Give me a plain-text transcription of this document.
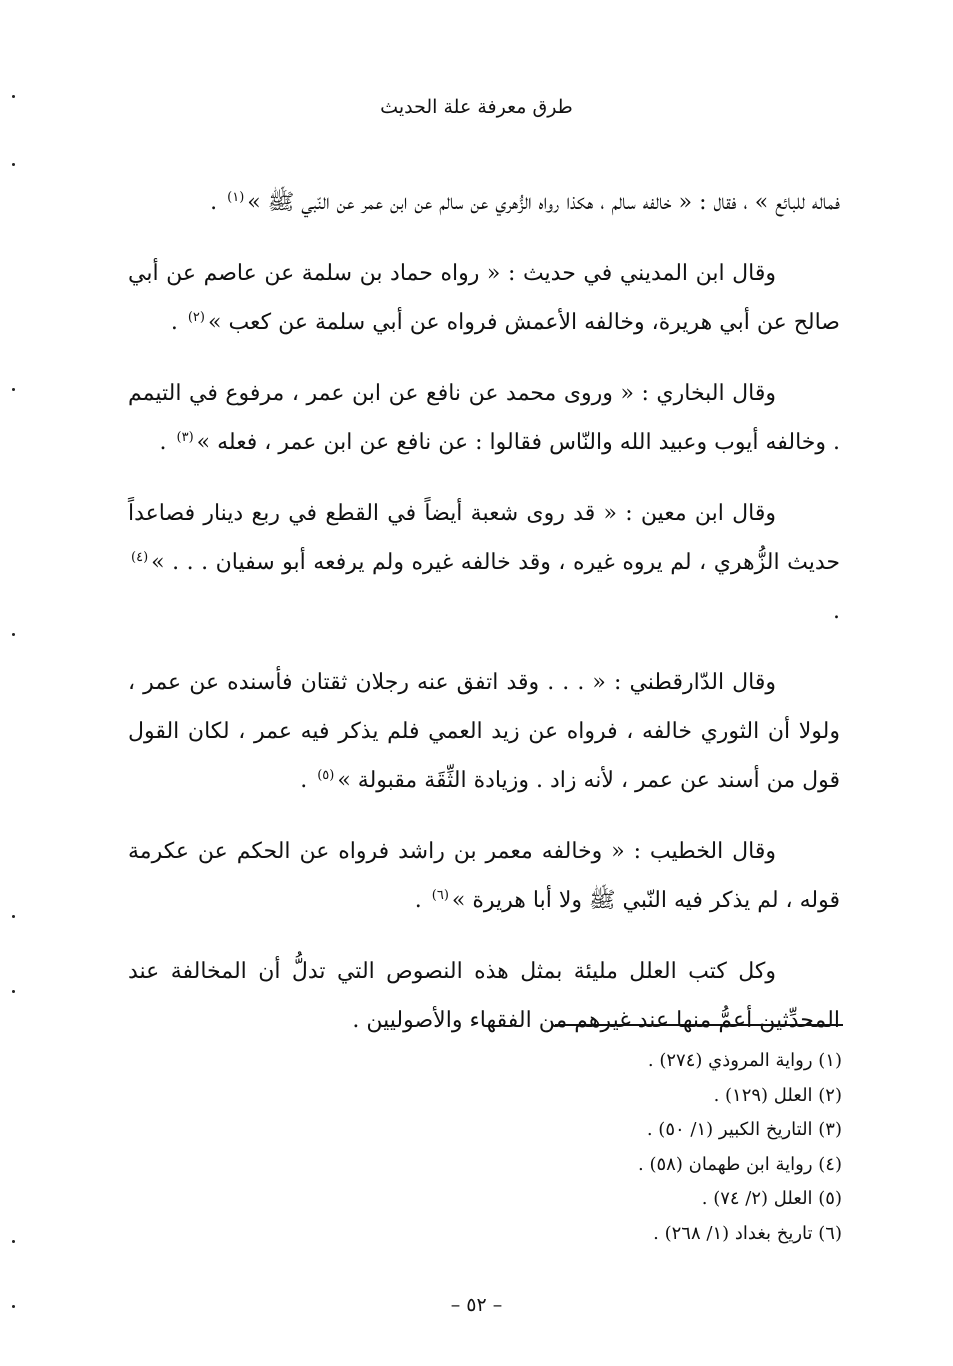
طرق معرفة علة الحديث

فماله للبائع » ، فقال : « خالفه سالم ، هكذا رواه الزُّهري عن سالم عن ابن عمر عن النّبي ﷺ »$^{(١)}$ .

وقال ابن المديني في حديث : « رواه حماد بن سلمة عن عاصم عن أبي صالح عن أبي هريرة، وخالفه الأعمش فرواه عن أبي سلمة عن كعب »$^{(٢)}$ .

وقال البخاري : « وروى محمد عن نافع عن ابن عمر ، مرفوع في التيمم . وخالفه أيوب وعبيد الله والنّاس فقالوا : عن نافع عن ابن عمر ، فعله »$^{(٣)}$ .

وقال ابن معين : « قد روى شعبة أيضاً في القطع في ربع دينار فصاعداً حديث الزُّهري ، لم يروه غيره ، وقد خالفه غيره ولم يرفعه أبو سفيان . . . »$^{(٤)}$ .

وقال الدّارقطني : « . . . وقد اتفق عنه رجلان ثقتان فأسنده عن عمر ، ولولا أن الثوري خالفه ، فرواه عن زيد العمي فلم يذكر فيه عمر ، لكان القول قول من أسند عن عمر ، لأنه زاد . وزيادة الثِّقَة مقبولة »$^{(٥)}$ .

وقال الخطيب : « وخالفه معمر بن راشد فرواه عن الحكم عن عكرمة قوله ، لم يذكر فيه النّبي ﷺ ولا أبا هريرة »$^{(٦)}$ .

وكل كتب العلل مليئة بمثل هذه النصوص التي تدلُّ أن المخالفة عند المحدِّثين أعمُّ منها عند غيرهم من الفقهاء والأصوليين .

(١) رواية المروذي (٢٧٤) .
(٢) العلل (١٢٩) .
(٣) التاريخ الكبير (١/ ٥٠) .
(٤) رواية ابن طهمان (٥٨) .
(٥) العلل (٢/ ٧٤) .
(٦) تاريخ بغداد (١/ ٢٦٨) .
– ٥٢ –
